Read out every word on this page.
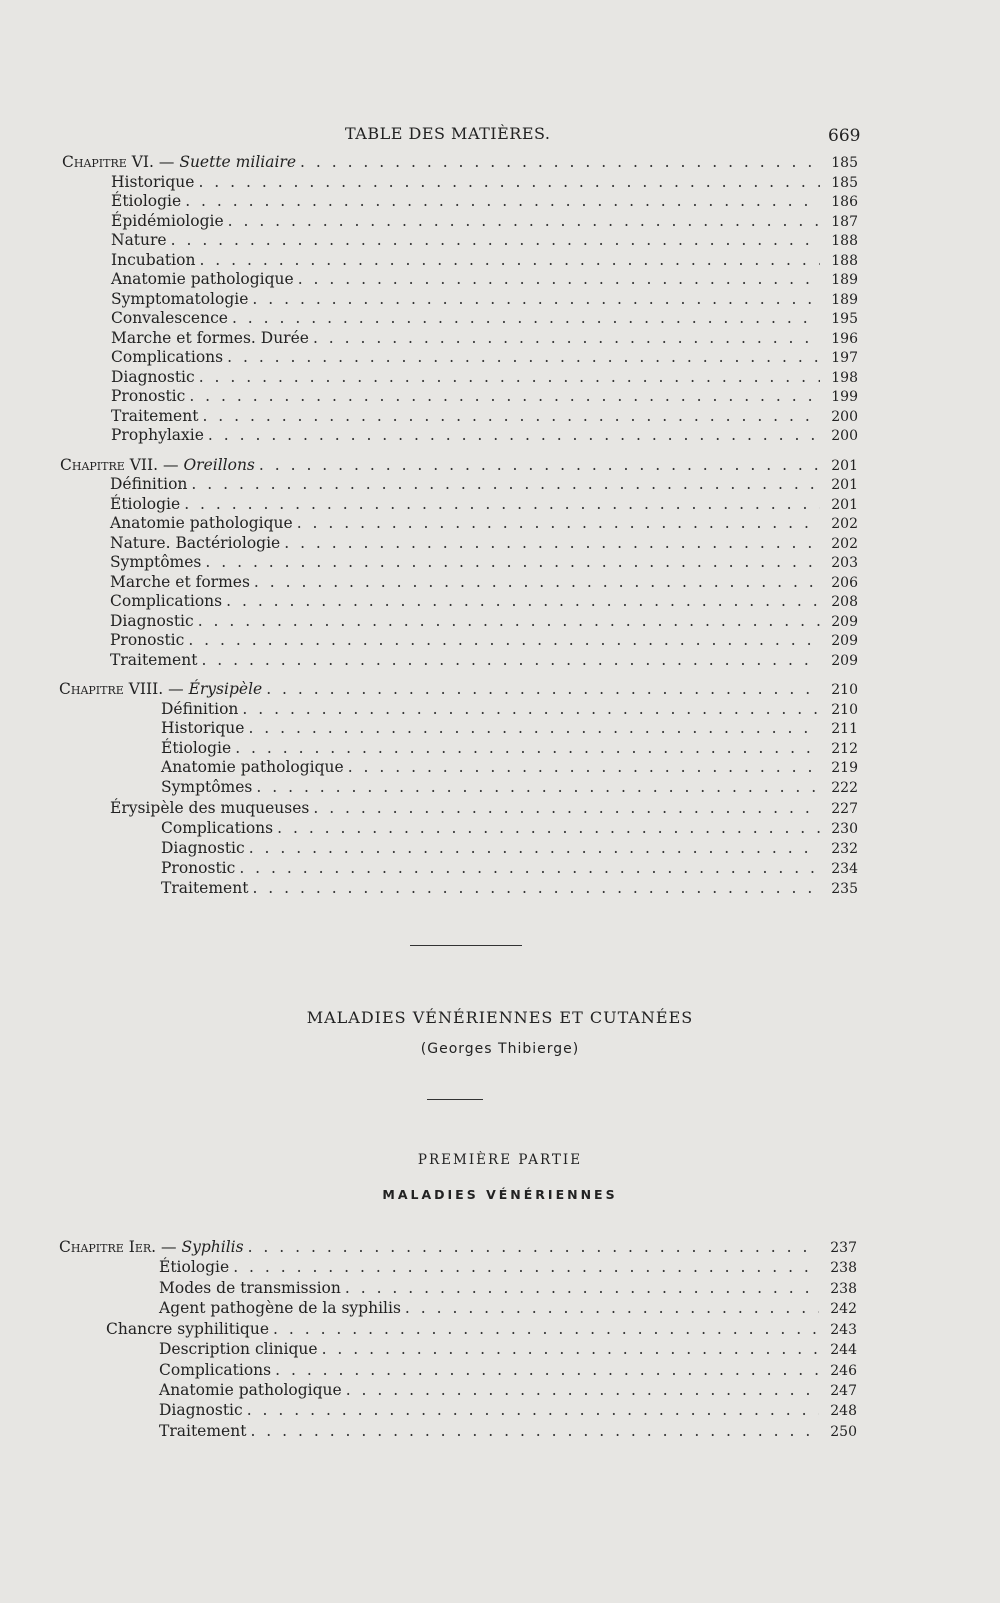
TABLE DES MATIÈRES.	669
Chapitre VI. — Suette miliaire . . .	185
Historique . . .	185
Étiologie . . .	186
Épidémiologie . . .	187
Nature . . .	188
Incubation . . .	188
Anatomie pathologique . . .	189
Symptomatologie . . .	189
Convalescence . . .	195
Marche et formes. Durée . . .	196
Complications . . .	197
Diagnostic . . .	198
Pronostic . . .	199
Traitement . . .	200
Prophylaxie . . .	200
Chapitre VII. — Oreillons . . .	201
Définition . . .	201
Étiologie . . .	201
Anatomie pathologique . . .	202
Nature. Bactériologie . . .	202
Symptômes . . .	203
Marche et formes . . .	206
Complications . . .	208
Diagnostic . . .	209
Pronostic . . .	209
Traitement . . .	209
Chapitre VIII. — Érysipèle . . .	210
Définition . . .	210
Historique . . .	211
Étiologie . . .	212
Anatomie pathologique . . .	219
Symptômes . . .	222
Érysipèle des muqueuses . . .	227
Complications . . .	230
Diagnostic . . .	232
Pronostic . . .	234
Traitement . . .	235
MALADIES VÉNÉRIENNES ET CUTANÉES
(Georges Thibierge)
PREMIÈRE PARTIE
MALADIES VÉNÉRIENNES
Chapitre Ier. — Syphilis . . .	237
Étiologie . . .	238
Modes de transmission . . .	238
Agent pathogène de la syphilis . . .	242
Chancre syphilitique . . .	243
Description clinique . . .	244
Complications . . .	246
Anatomie pathologique . . .	247
Diagnostic . . .	248
Traitement . . .	250
